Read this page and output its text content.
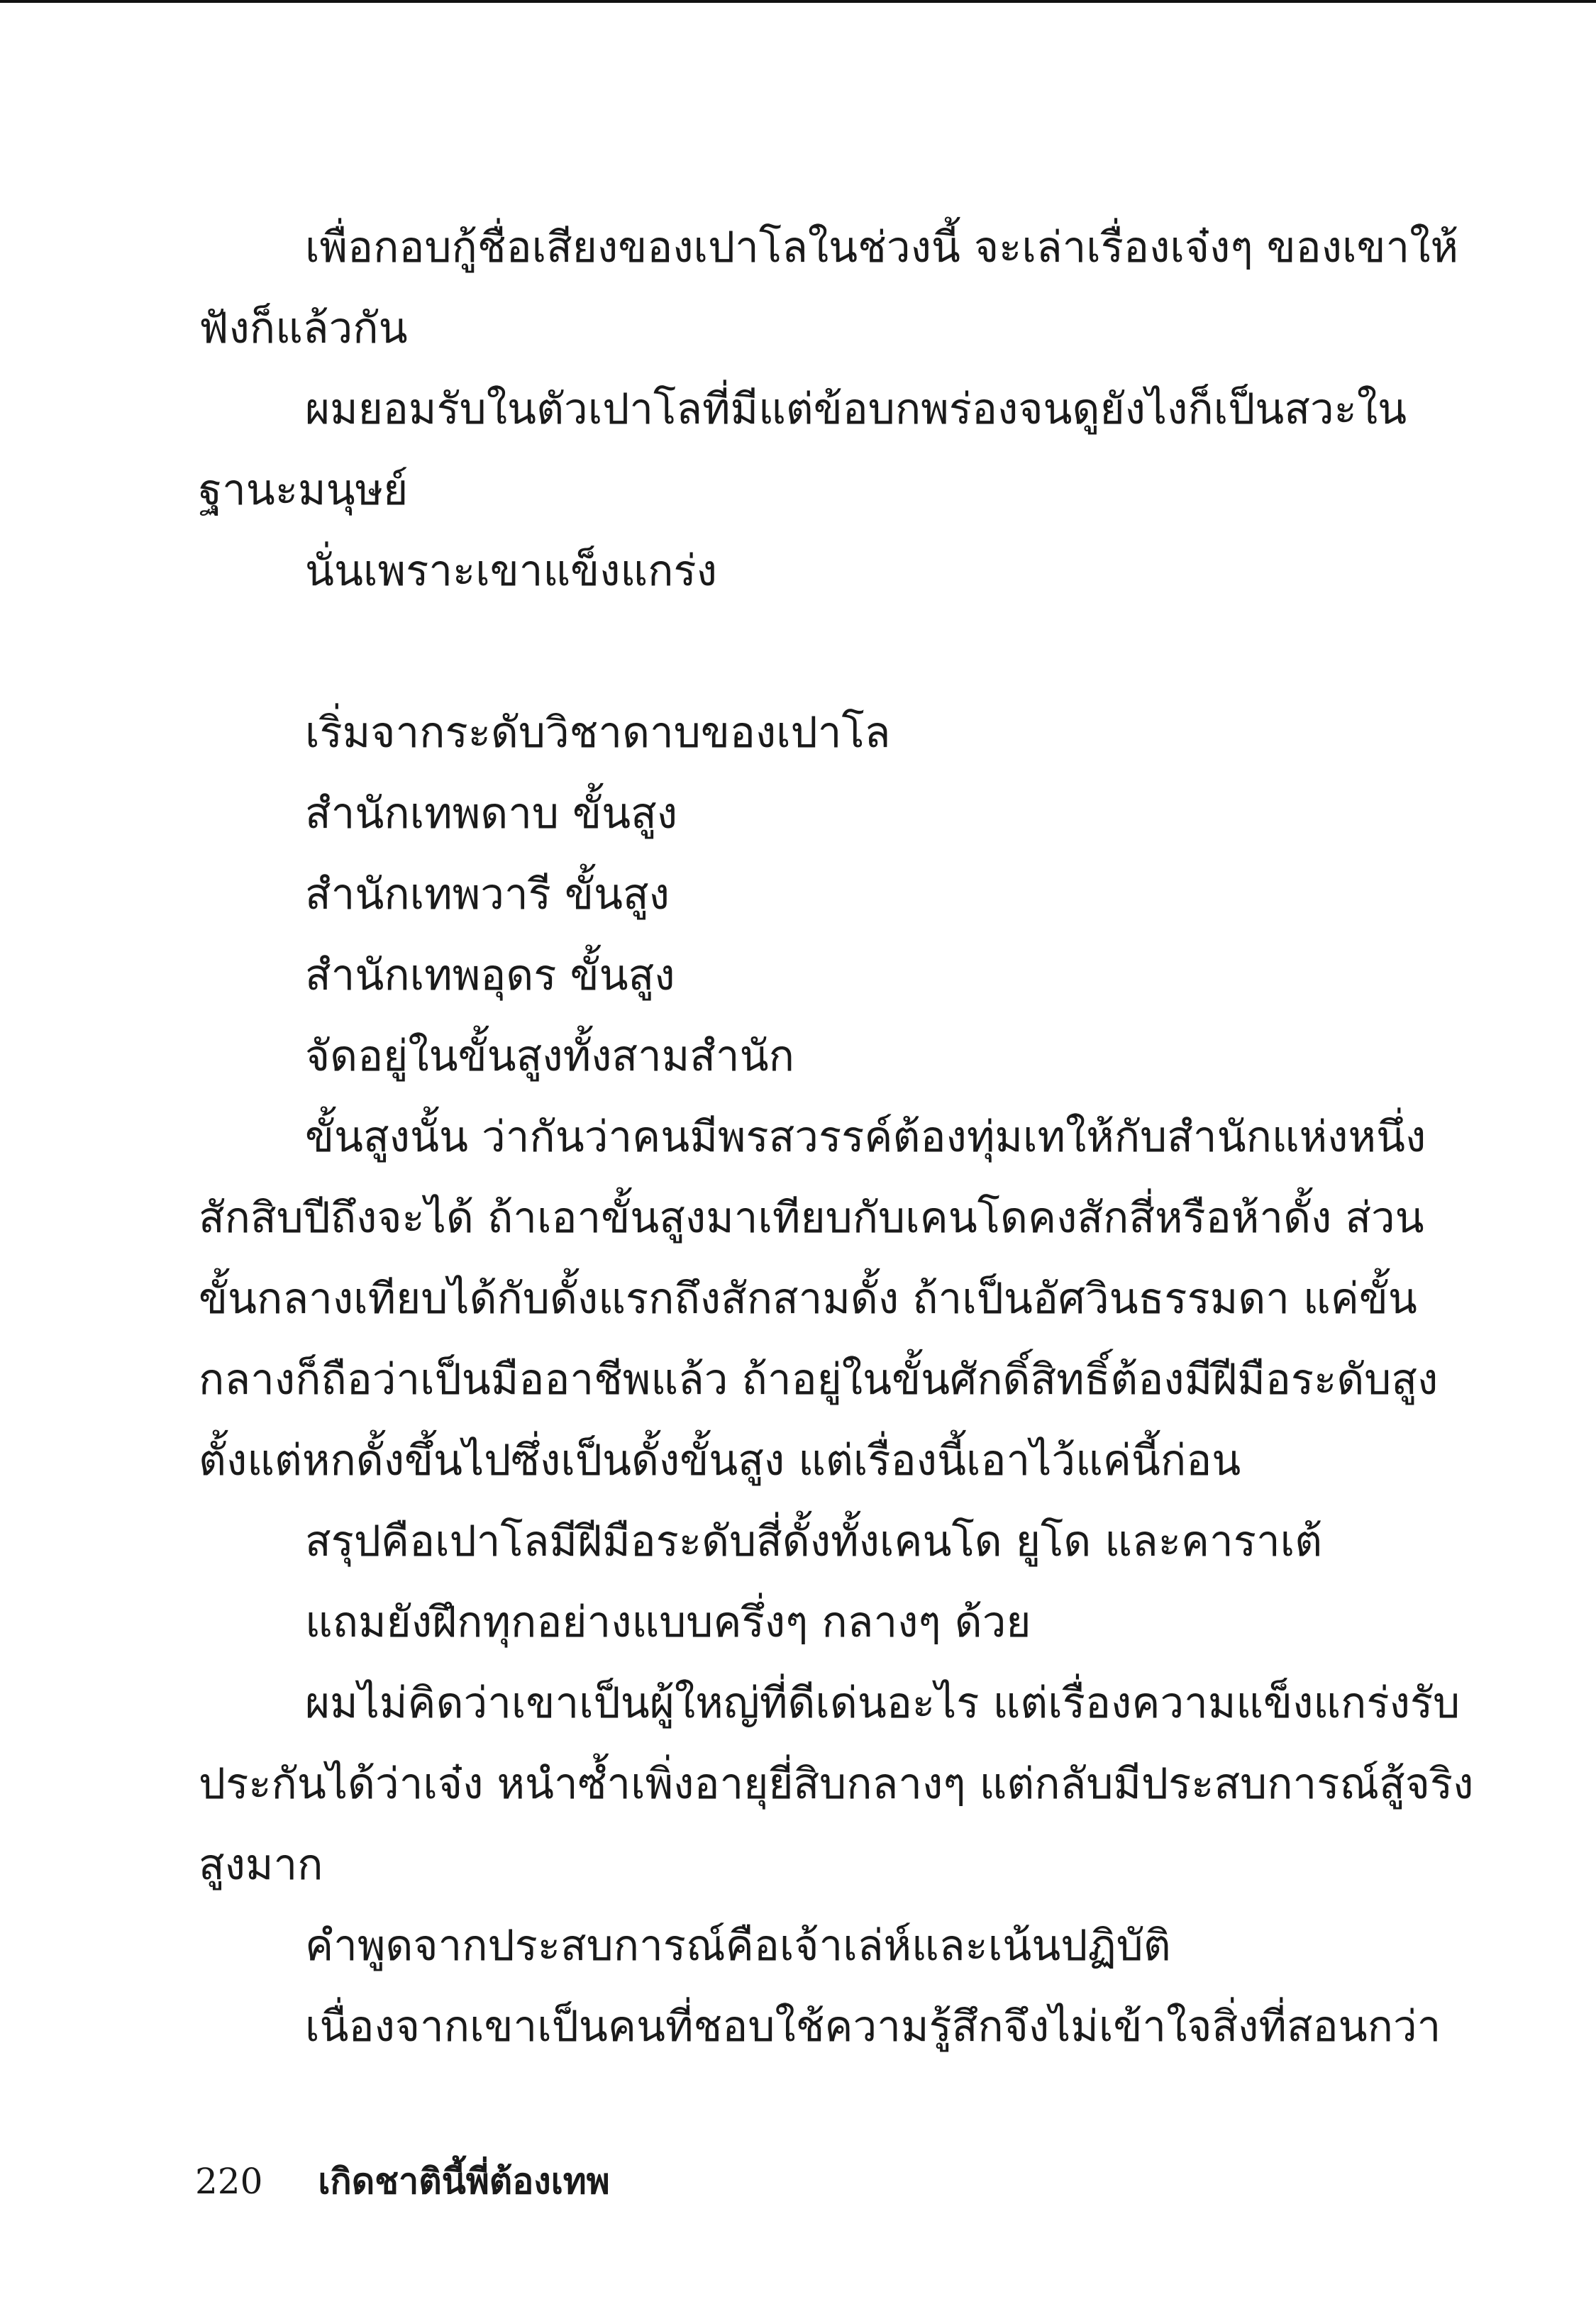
เพื่อกอบกู้ชื่อเสียงของเปาโลในช่วงนี้ จะเล่าเรื่องเจ๋งๆ ของเขาให้
ฟังก็แล้วกัน
ผมยอมรับในตัวเปาโลที่มีแต่ข้อบกพร่องจนดูยังไงก็เป็นสวะใน
ฐานะมนุษย์
นั่นเพราะเขาแข็งแกร่ง
เริ่มจากระดับวิชาดาบของเปาโล
สำนักเทพดาบ ขั้นสูง
สำนักเทพวารี ขั้นสูง
สำนักเทพอุดร ขั้นสูง
จัดอยู่ในขั้นสูงทั้งสามสำนัก
ขั้นสูงนั้น ว่ากันว่าคนมีพรสวรรค์ต้องทุ่มเทให้กับสำนักแห่งหนึ่ง
สักสิบปีถึงจะได้ ถ้าเอาขั้นสูงมาเทียบกับเคนโดคงสักสี่หรือห้าดั้ง ส่วน
ขั้นกลางเทียบได้กับดั้งแรกถึงสักสามดั้ง ถ้าเป็นอัศวินธรรมดา แค่ขั้น
กลางก็ถือว่าเป็นมืออาชีพแล้ว ถ้าอยู่ในขั้นศักดิ์สิทธิ์ต้องมีฝีมือระดับสูง
ตั้งแต่หกดั้งขึ้นไปซึ่งเป็นดั้งขั้นสูง แต่เรื่องนี้เอาไว้แค่นี้ก่อน
สรุปคือเปาโลมีฝีมือระดับสี่ดั้งทั้งเคนโด ยูโด และคาราเต้
แถมยังฝึกทุกอย่างแบบครึ่งๆ กลางๆ ด้วย
ผมไม่คิดว่าเขาเป็นผู้ใหญ่ที่ดีเด่นอะไร แต่เรื่องความแข็งแกร่งรับ
ประกันได้ว่าเจ๋ง หนำซ้ำเพิ่งอายุยี่สิบกลางๆ แต่กลับมีประสบการณ์สู้จริง
สูงมาก
คำพูดจากประสบการณ์คือเจ้าเล่ห์และเน้นปฏิบัติ
เนื่องจากเขาเป็นคนที่ชอบใช้ความรู้สึกจึงไม่เข้าใจสิ่งที่สอนกว่า
220 เกิดชาตินี้พี่ต้องเทพ
